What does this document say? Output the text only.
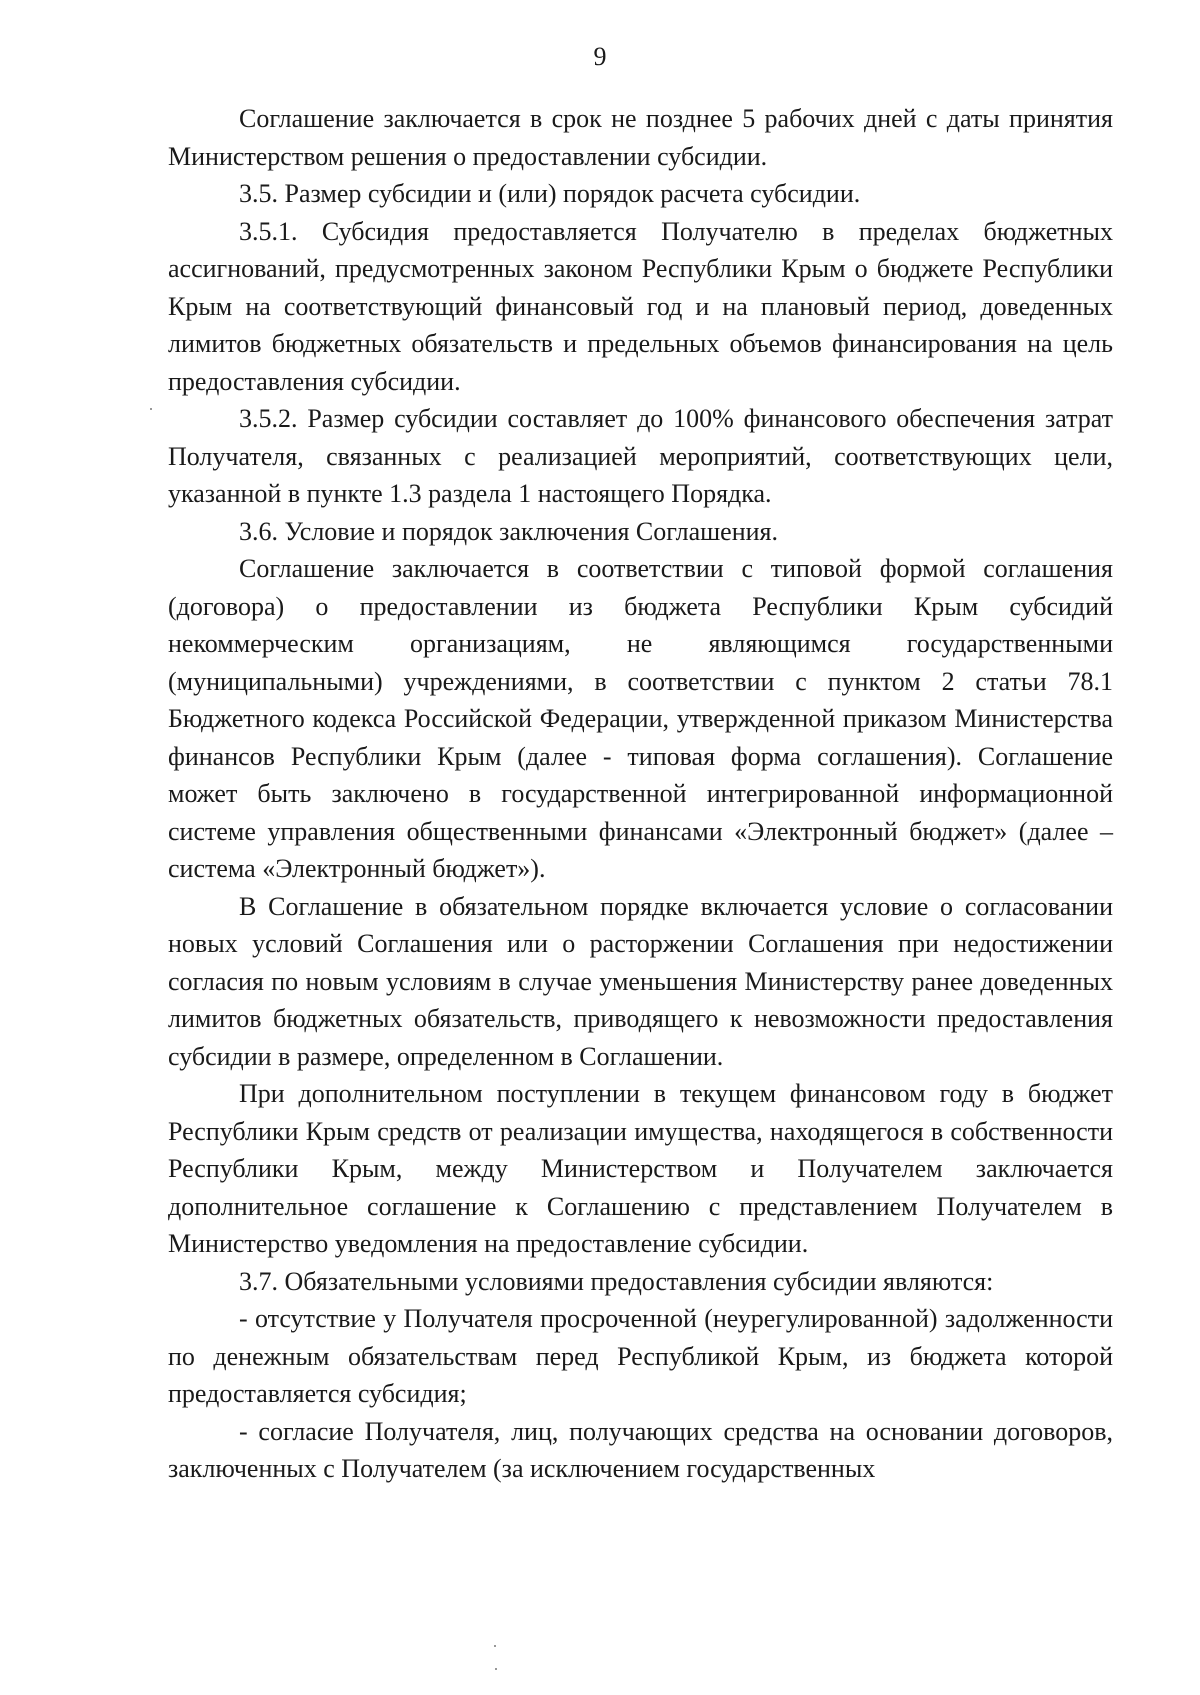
9

Соглашение заключается в срок не позднее 5 рабочих дней с даты принятия Министерством решения о предоставлении субсидии.

3.5. Размер субсидии и (или) порядок расчета субсидии.

3.5.1. Субсидия предоставляется Получателю в пределах бюджетных ассигнований, предусмотренных законом Республики Крым о бюджете Республики Крым на соответствующий финансовый год и на плановый период, доведенных лимитов бюджетных обязательств и предельных объемов финансирования на цель предоставления субсидии.

3.5.2. Размер субсидии составляет до 100% финансового обеспечения затрат Получателя, связанных с реализацией мероприятий, соответствующих цели, указанной в пункте 1.3 раздела 1 настоящего Порядка.

3.6. Условие и порядок заключения Соглашения.

Соглашение заключается в соответствии с типовой формой соглашения (договора) о предоставлении из бюджета Республики Крым субсидий некоммерческим организациям, не являющимся государственными (муниципальными) учреждениями, в соответствии с пунктом 2 статьи 78.1 Бюджетного кодекса Российской Федерации, утвержденной приказом Министерства финансов Республики Крым (далее - типовая форма соглашения). Соглашение может быть заключено в государственной интегрированной информационной системе управления общественными финансами «Электронный бюджет» (далее – система «Электронный бюджет»).

В Соглашение в обязательном порядке включается условие о согласовании новых условий Соглашения или о расторжении Соглашения при недостижении согласия по новым условиям в случае уменьшения Министерству ранее доведенных лимитов бюджетных обязательств, приводящего к невозможности предоставления субсидии в размере, определенном в Соглашении.

При дополнительном поступлении в текущем финансовом году в бюджет Республики Крым средств от реализации имущества, находящегося в собственности Республики Крым, между Министерством и Получателем заключается дополнительное соглашение к Соглашению с представлением Получателем в Министерство уведомления на предоставление субсидии.

3.7. Обязательными условиями предоставления субсидии являются:

- отсутствие у Получателя просроченной (неурегулированной) задолженности по денежным обязательствам перед Республикой Крым, из бюджета которой предоставляется субсидия;

- согласие Получателя, лиц, получающих средства на основании договоров, заключенных с Получателем (за исключением государственных
